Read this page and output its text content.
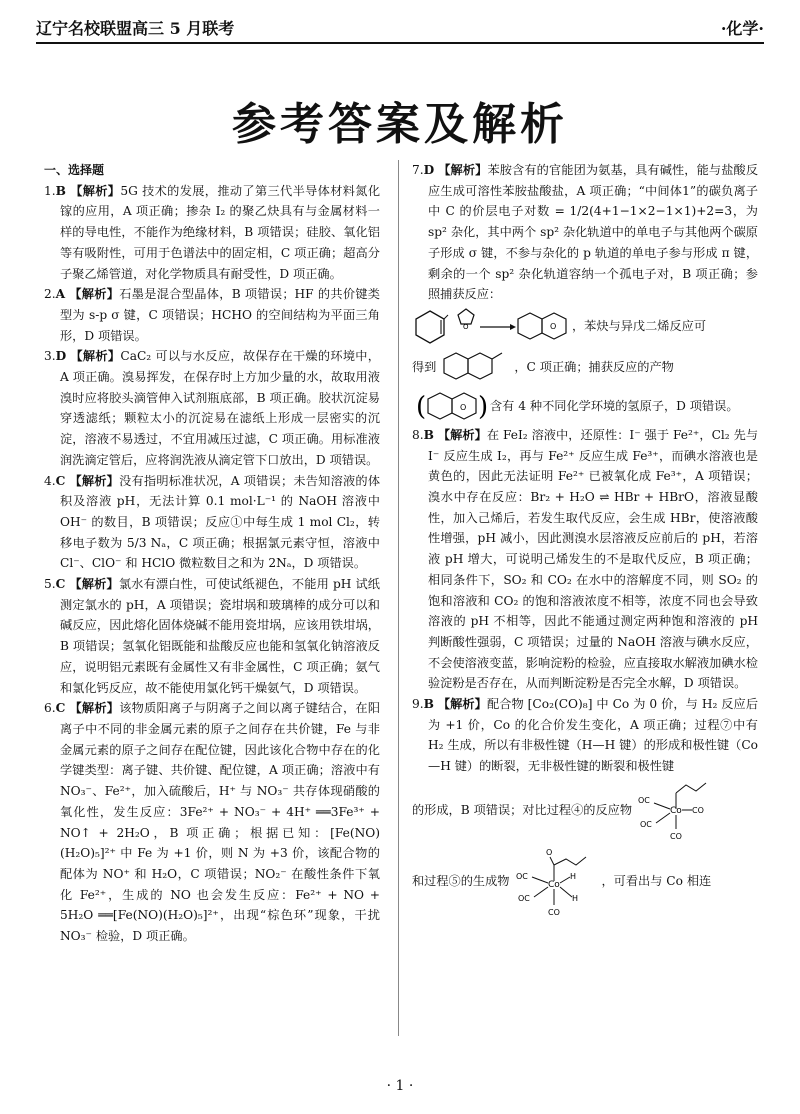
辽宁名校联盟高三 5 月联考	·化学·
参考答案及解析
一、选择题

1.B 【解析】5G 技术的发展，推动了第三代半导体材料氮化镓的应用，A 项正确；掺杂 I₂ 的聚乙炔具有与金属材料一样的导电性，不能作为绝缘材料，B 项错误；硅胶、氧化铝等有吸附性，可用于色谱法中的固定相，C 项正确；超高分子聚乙烯管道，对化学物质具有耐受性，D 项正确。

2.A 【解析】石墨是混合型晶体，B 项错误；HF 的共价键类型为 s-p σ 键，C 项错误；HCHO 的空间结构为平面三角形，D 项错误。

3.D 【解析】CaC₂ 可以与水反应，故保存在干燥的环境中，A 项正确。溴易挥发，在保存时上方加少量的水，故取用液溴时应将胶头滴管伸入试剂瓶底部，B 项正确。胶状沉淀易穿透滤纸；颗粒太小的沉淀易在滤纸上形成一层密实的沉淀，溶液不易透过，不宜用减压过滤，C 项正确。用标准液润洗滴定管后，应将润洗液从滴定管下口放出，D 项错误。

4.C 【解析】没有指明标准状况，A 项错误；未告知溶液的体积及溶液 pH，无法计算 0.1 mol·L⁻¹ 的 NaOH 溶液中 OH⁻ 的数目，B 项错误；反应①中每生成 1 mol Cl₂，转移电子数为 5/3 Nₐ，C 项正确；根据氯元素守恒，溶液中 Cl⁻、ClO⁻ 和 HClO 微粒数目之和为 2Nₐ，D 项错误。

5.C 【解析】氯水有漂白性，可使试纸褪色，不能用 pH 试纸测定氯水的 pH，A 项错误；瓷坩埚和玻璃棒的成分可以和碱反应，因此熔化固体烧碱不能用瓷坩埚，应该用铁坩埚，B 项错误；氢氧化铝既能和盐酸反应也能和氢氧化钠溶液反应，说明铝元素既有金属性又有非金属性，C 项正确；氨气和氯化钙反应，故不能使用氯化钙干燥氨气，D 项错误。

6.C 【解析】该物质阳离子与阴离子之间以离子键结合，在阳离子中不同的非金属元素的原子之间存在共价键，Fe 与非金属元素的原子之间存在配位键，因此该化合物中存在的化学键类型：离子键、共价键、配位键，A 项正确；溶液中有 NO₃⁻、Fe²⁺，加入硫酸后，H⁺ 与 NO₃⁻ 共存体现硝酸的氧化性，发生反应：3Fe²⁺ + NO₃⁻ + 4H⁺ ══3Fe³⁺ + NO↑ + 2H₂O，B 项正确；根据已知：[Fe(NO)(H₂O)₅]²⁺ 中 Fe 为 +1 价，则 N 为 +3 价，该配合物的配体为 NO⁺ 和 H₂O，C 项错误；NO₂⁻ 在酸性条件下氧化 Fe²⁺，生成的 NO 也会发生反应：Fe²⁺ + NO + 5H₂O ══[Fe(NO)(H₂O)₅]²⁺，出现“棕色环”现象，干扰 NO₃⁻ 检验，D 项正确。

7.D 【解析】苯胺含有的官能团为氨基，具有碱性，能与盐酸反应生成可溶性苯胺盐酸盐，A 项正确；“中间体1”的碳负离子中 C 的价层电子对数 = 1/2(4+1−1×2−1×1)+2=3，为 sp² 杂化，其中两个 sp² 杂化轨道中的单电子与其他两个碳原子形成 σ 键，不参与杂化的 p 轨道的单电子参与形成 π 键，剩余的一个 sp² 杂化轨道容纳一个孤电子对，B 项正确；参照捕获反应：

O	O ，苯炔与异戊二烯反应可
得到	，C 项正确；捕获反应的产物
(	O ) 含有 4 种不同化学环境的氢原子，D 项错误。

8.B 【解析】在 FeI₂ 溶液中，还原性：I⁻ 强于 Fe²⁺，Cl₂ 先与 I⁻ 反应生成 I₂，再与 Fe²⁺ 反应生成 Fe³⁺，而碘水溶液也是黄色的，因此无法证明 Fe²⁺ 已被氧化成 Fe³⁺，A 项错误；溴水中存在反应：Br₂ + H₂O ⇌ HBr + HBrO，溶液显酸性，加入己烯后，若发生取代反应，会生成 HBr，使溶液酸性增强，pH 减小，因此测溴水层溶液反应前后的 pH，若溶液 pH 增大，可说明己烯发生的不是取代反应，B 项正确；相同条件下，SO₂ 和 CO₂ 在水中的溶解度不同，则 SO₂ 的饱和溶液和 CO₂ 的饱和溶液浓度不相等，浓度不同也会导致溶液的 pH 不相等，因此不能通过测定两种饱和溶液的 pH 判断酸性强弱，C 项错误；过量的 NaOH 溶液与碘水反应，不会使溶液变蓝，影响淀粉的检验，应直接取水解液加碘水检验淀粉是否存在，从而判断淀粉是否完全水解，D 项错误。

9.B 【解析】配合物 [Co₂(CO)₈] 中 Co 为 0 价，与 H₂ 反应后为 +1 价，Co 的化合价发生变化，A 项正确；过程⑦中有 H₂ 生成，所以有非极性键（H—H 键）的形成和极性键（Co—H 键）的断裂，无非极性键的断裂和极性键

的形成，B 项错误；对比过程④的反应物	Co
OC
CO
OC
CO
和过程⑤的生成物
O
Co
OC	H
OC	H
CO
，可看出与 Co 相连
· 1 ·
